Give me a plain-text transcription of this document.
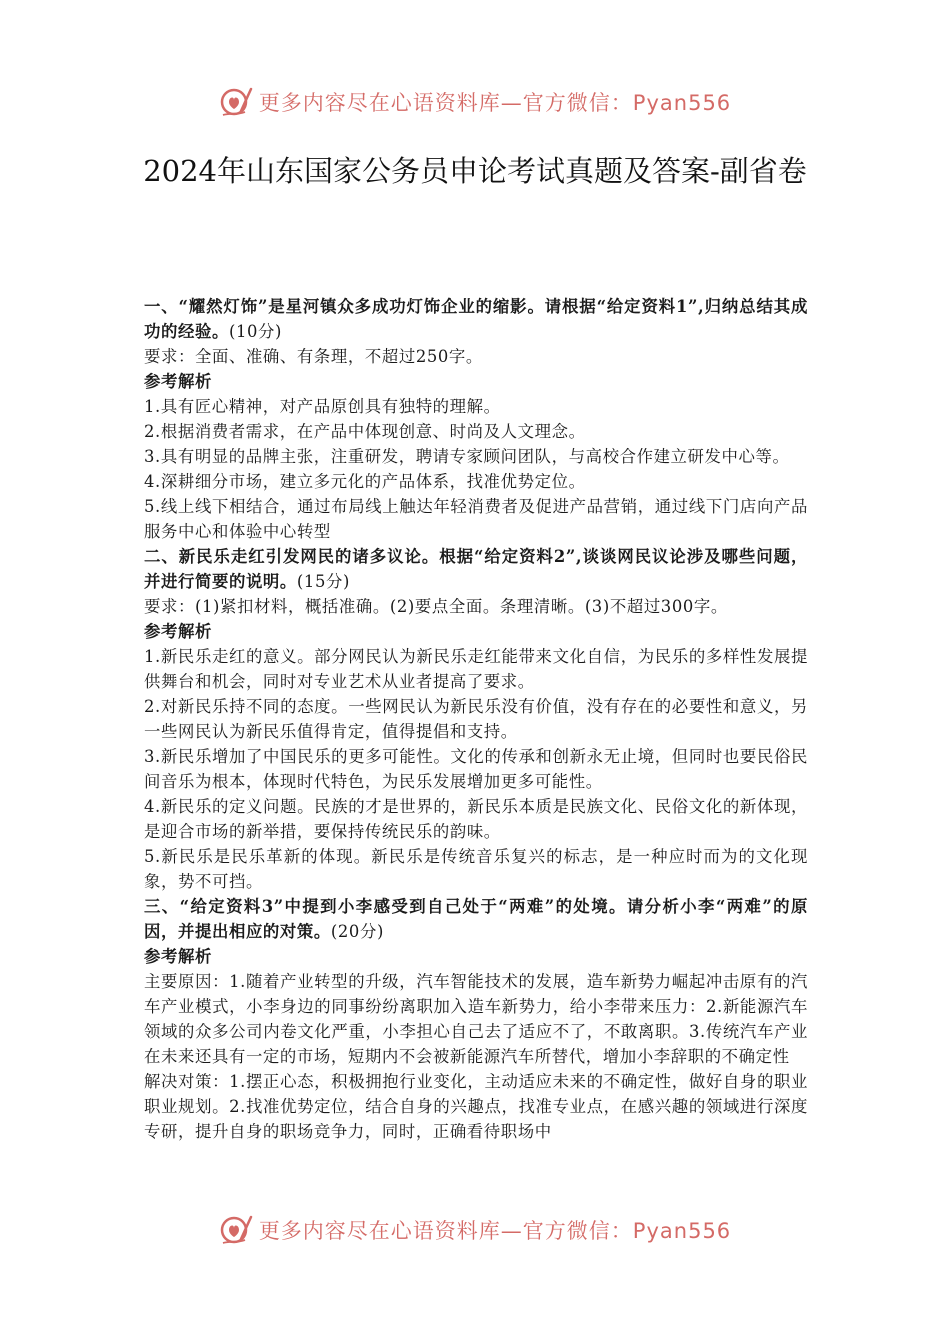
更多内容尽在心语资料库—官方微信：Pyan556
2024年山东国家公务员申论考试真题及答案-副省卷

一、“耀然灯饰”是星河镇众多成功灯饰企业的缩影。请根据“给定资料1”,归纳总结其成功的经验。(10分)

要求：全面、准确、有条理，不超过250字。

参考解析

1.具有匠心精神，对产品原创具有独特的理解。

2.根据消费者需求，在产品中体现创意、时尚及人文理念。

3.具有明显的品牌主张，注重研发，聘请专家顾问团队，与高校合作建立研发中心等。

4.深耕细分市场，建立多元化的产品体系，找准优势定位。

5.线上线下相结合，通过布局线上触达年轻消费者及促进产品营销，通过线下门店向产品服务中心和体验中心转型

二、新民乐走红引发网民的诸多议论。根据“给定资料2”,谈谈网民议论涉及哪些问题，并进行简要的说明。(15分)

要求：(1)紧扣材料，概括准确。(2)要点全面。条理清晰。(3)不超过300字。

参考解析

1.新民乐走红的意义。部分网民认为新民乐走红能带来文化自信，为民乐的多样性发展提供舞台和机会，同时对专业艺术从业者提高了要求。

2.对新民乐持不同的态度。一些网民认为新民乐没有价值，没有存在的必要性和意义，另一些网民认为新民乐值得肯定，值得提倡和支持。

3.新民乐增加了中国民乐的更多可能性。文化的传承和创新永无止境，但同时也要民俗民间音乐为根本，体现时代特色，为民乐发展增加更多可能性。

4.新民乐的定义问题。民族的才是世界的，新民乐本质是民族文化、民俗文化的新体现，是迎合市场的新举措，要保持传统民乐的韵味。

5.新民乐是民乐革新的体现。新民乐是传统音乐复兴的标志，是一种应时而为的文化现象，势不可挡。

三、“给定资料3”中提到小李感受到自己处于“两难”的处境。请分析小李“两难”的原因，并提出相应的对策。(20分)

参考解析

主要原因：1.随着产业转型的升级，汽车智能技术的发展，造车新势力崛起冲击原有的汽车产业模式，小李身边的同事纷纷离职加入造车新势力，给小李带来压力：2.新能源汽车领域的众多公司内卷文化严重，小李担心自己去了适应不了，不敢离职。3.传统汽车产业在未来还具有一定的市场，短期内不会被新能源汽车所替代，增加小李辞职的不确定性

解决对策：1.摆正心态，积极拥抱行业变化，主动适应未来的不确定性，做好自身的职业职业规划。2.找准优势定位，结合自身的兴趣点，找准专业点，在感兴趣的领域进行深度专研，提升自身的职场竞争力，同时，正确看待职场中

更多内容尽在心语资料库—官方微信：Pyan556
